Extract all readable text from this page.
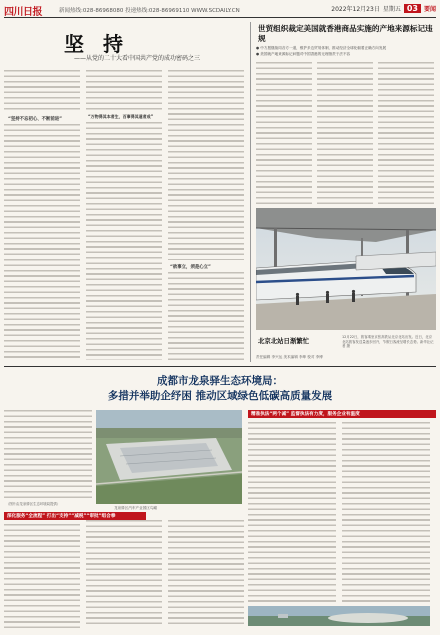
四川日报	新闻热线:028-86968080 投递热线:028-86969110 WWW.SCDAILY.CN	2022年12月23日 星期五 03	要闻
坚 持
——从党的二十大看中国共产党的成功密码之三
“坚持不忘初心、不断前进”
“万物得其本者生，百事得其道者成”
“欲事立，须是心立”
世贸组织裁定美国就香港商品实施的产地来源标记违规
● 中方愿继续同各方一道，维护多边贸易体制，推动经济全球化朝着正确方向发展
● 美国就产地来源标记问题对中国香港的无理指责于法不容
北京北站日渐繁忙	12月22日，旅客乘坐京张高铁从北京北站出发。近日，北京北站旅客发送量逐步回升，节假日客流呈增长态势。新华社记者 摄
责任编辑 李兴运 美术编辑 李坤 校对 李博
成都市龙泉驿生态环境局：
多措并举助企纾困 推动区域绿色低碳高质量发展
（图片由龙泉驿区生态环境局提供）
龙泉驿区汽车产业园区鸟瞰
精准执法“两个减” 监督执法有力度，服务企业有温度
深化服务“全流程” 打出“支持”“减税”“审批”组合拳
